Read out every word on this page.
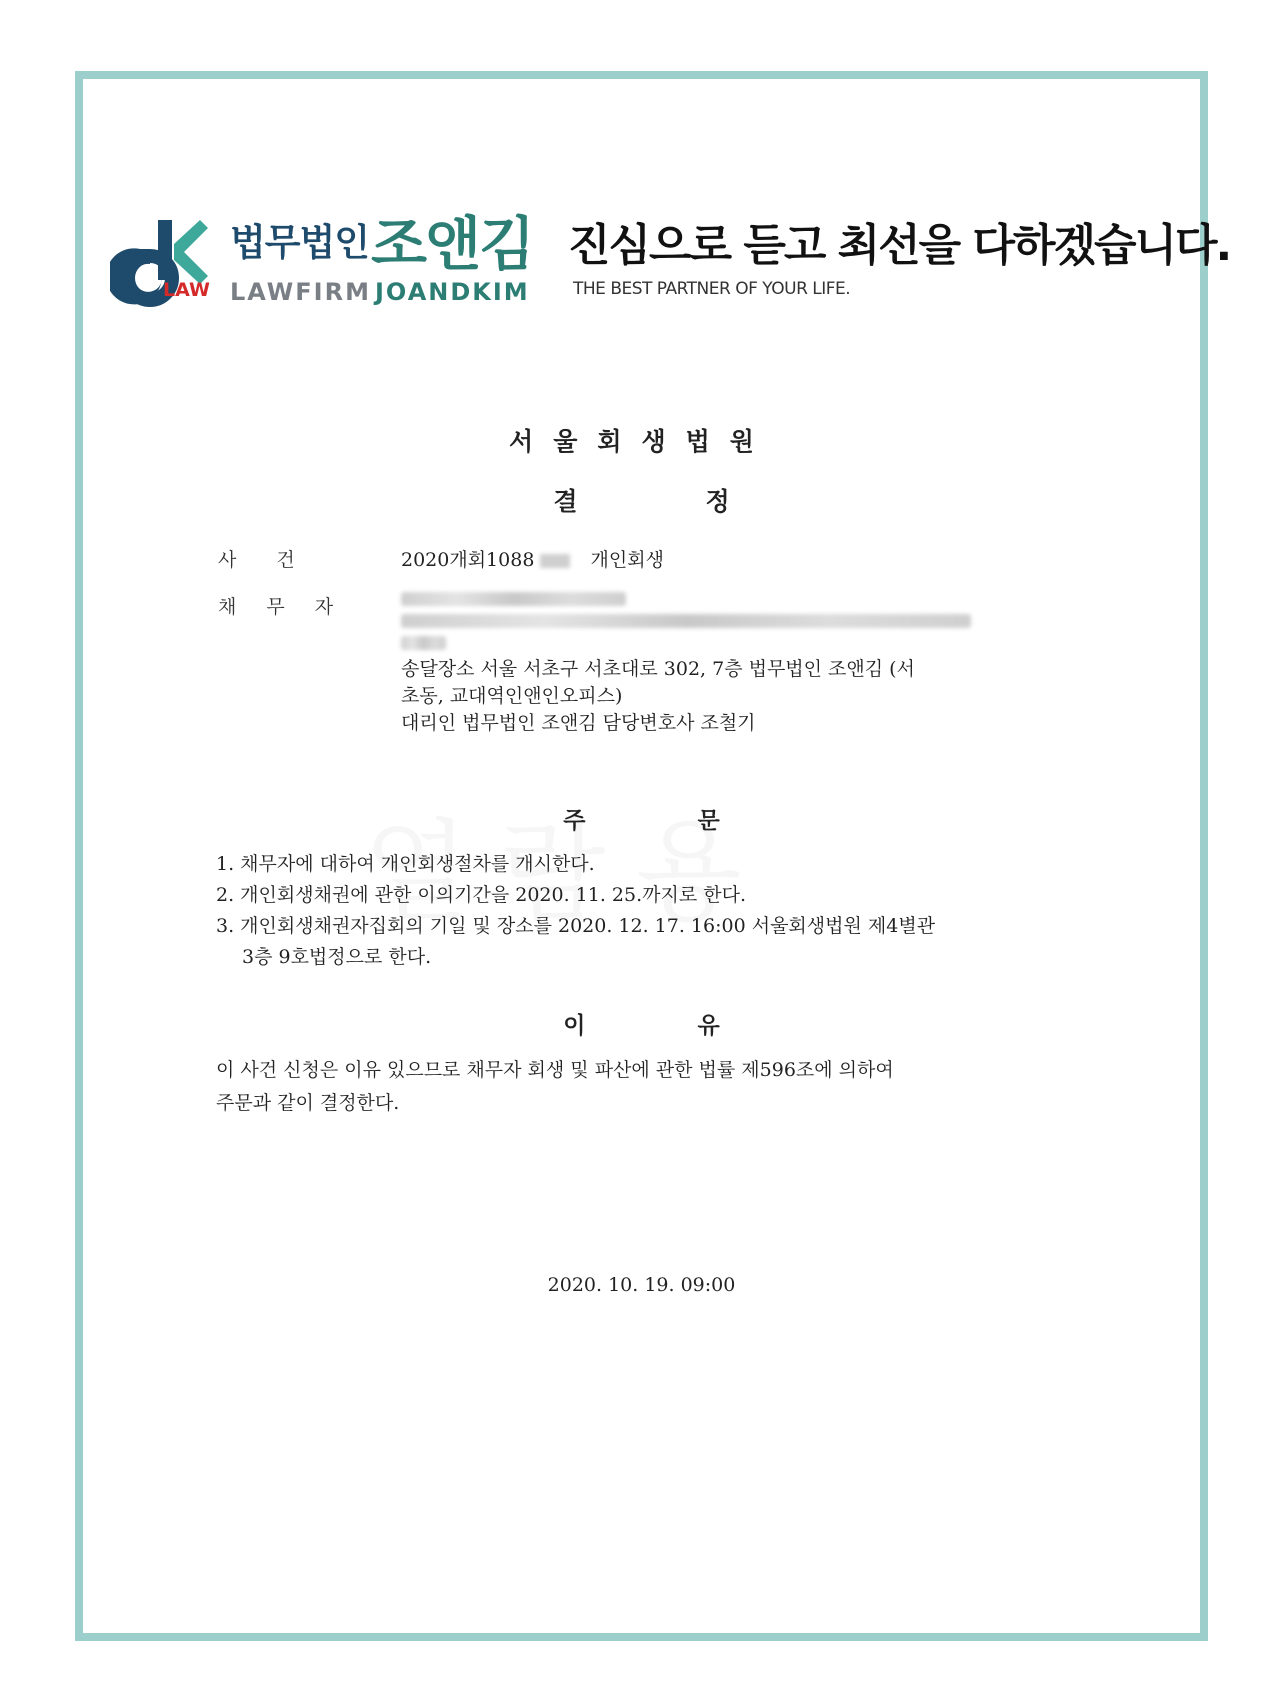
LAW
법무법인 조앤김
LAWFIRM JOANDKIM
진심으로 듣고 최선을 다하겠습니다.
THE BEST PARTNER OF YOUR LIFE.
서울회생법원
결정
사건	2020개회1088	개인회생
채무자
송달장소 서울 서초구 서초대로 302, 7층 법무법인 조앤김 (서
초동, 교대역인앤인오피스)
대리인 법무법인 조앤김 담당변호사 조철기
주문
1. 채무자에 대하여 개인회생절차를 개시한다.
2. 개인회생채권에 관한 이의기간을 2020. 11. 25.까지로 한다.
3. 개인회생채권자집회의 기일 및 장소를 2020. 12. 17. 16:00 서울회생법원 제4별관
3층 9호법정으로 한다.
이유
이 사건 신청은 이유 있으므로 채무자 회생 및 파산에 관한 법률 제596조에 의하여
주문과 같이 결정한다.
2020. 10. 19. 09:00
